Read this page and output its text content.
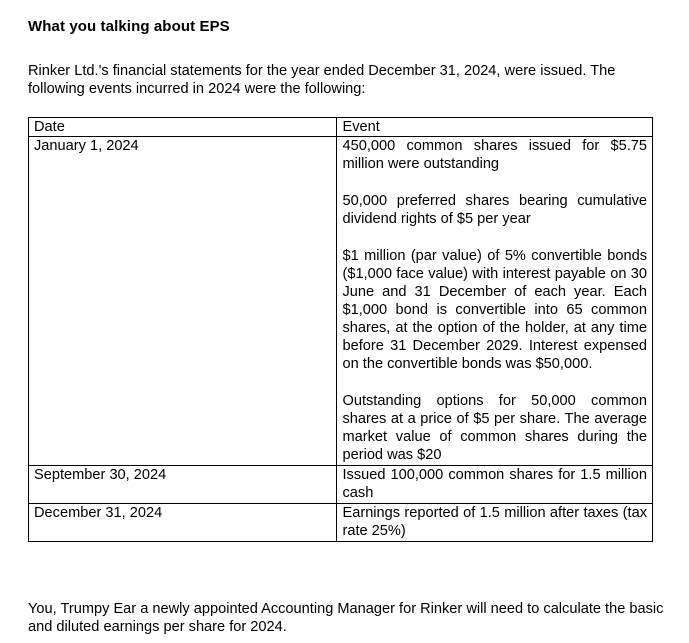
What you talking about EPS
Rinker Ltd.'s financial statements for the year ended December 31, 2024, were issued. The following events incurred in 2024 were the following:
Date	Event
January 1, 2024	450,000 common shares issued for $5.75 million were outstanding

50,000 preferred shares bearing cumulative dividend rights of $5 per year

$1 million (par value) of 5% convertible bonds ($1,000 face value) with interest payable on 30 June and 31 December of each year. Each $1,000 bond is convertible into 65 common shares, at the option of the holder, at any time before 31 December 2029. Interest expensed on the convertible bonds was $50,000.

Outstanding options for 50,000 common shares at a price of $5 per share. The average market value of common shares during the period was $20

September 30, 2024	Issued 100,000 common shares for 1.5 million cash

December 31, 2024	Earnings reported of 1.5 million after taxes (tax rate 25%)

You, Trumpy Ear a newly appointed Accounting Manager for Rinker will need to calculate the basic and diluted earnings per share for 2024.
